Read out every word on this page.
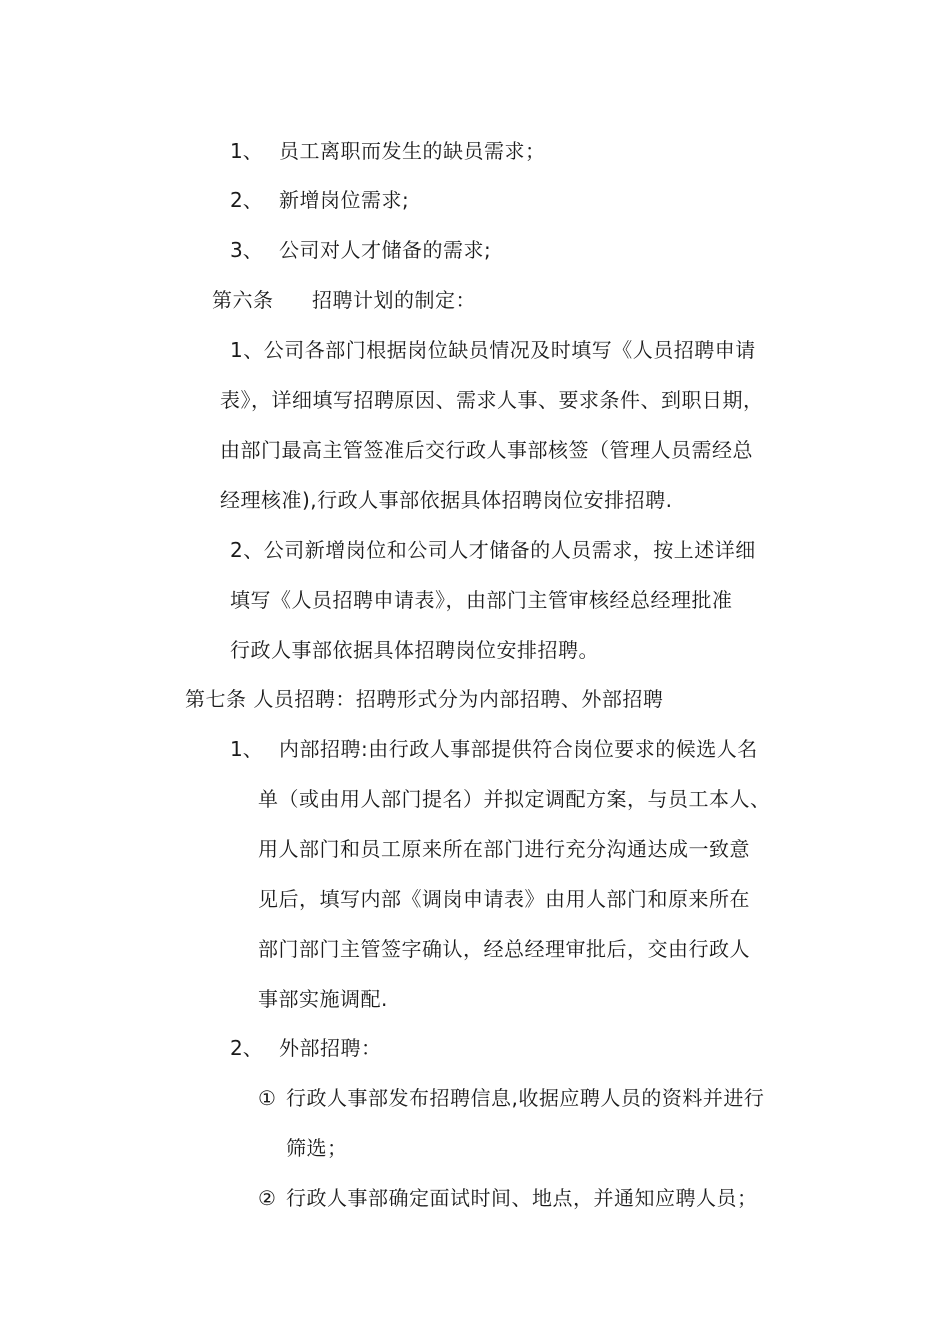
1、 员工离职而发生的缺员需求；
2、 新增岗位需求;
3、 公司对人才储备的需求;
第六条 招聘计划的制定：
1、公司各部门根据岗位缺员情况及时填写《人员招聘申请
表》，详细填写招聘原因、需求人事、要求条件、到职日期，
由部门最高主管签准后交行政人事部核签（管理人员需经总
经理核准),行政人事部依据具体招聘岗位安排招聘.
2、公司新增岗位和公司人才储备的人员需求，按上述详细
填写《人员招聘申请表》，由部门主管审核经总经理批准
行政人事部依据具体招聘岗位安排招聘。
第七条 人员招聘：招聘形式分为内部招聘、外部招聘
1、 内部招聘:由行政人事部提供符合岗位要求的候选人名
单（或由用人部门提名）并拟定调配方案，与员工本人、
用人部门和员工原来所在部门进行充分沟通达成一致意
见后，填写内部《调岗申请表》由用人部门和原来所在
部门部门主管签字确认，经总经理审批后，交由行政人
事部实施调配.
2、 外部招聘：
① 行政人事部发布招聘信息,收据应聘人员的资料并进行
筛选；
② 行政人事部确定面试时间、地点，并通知应聘人员；
